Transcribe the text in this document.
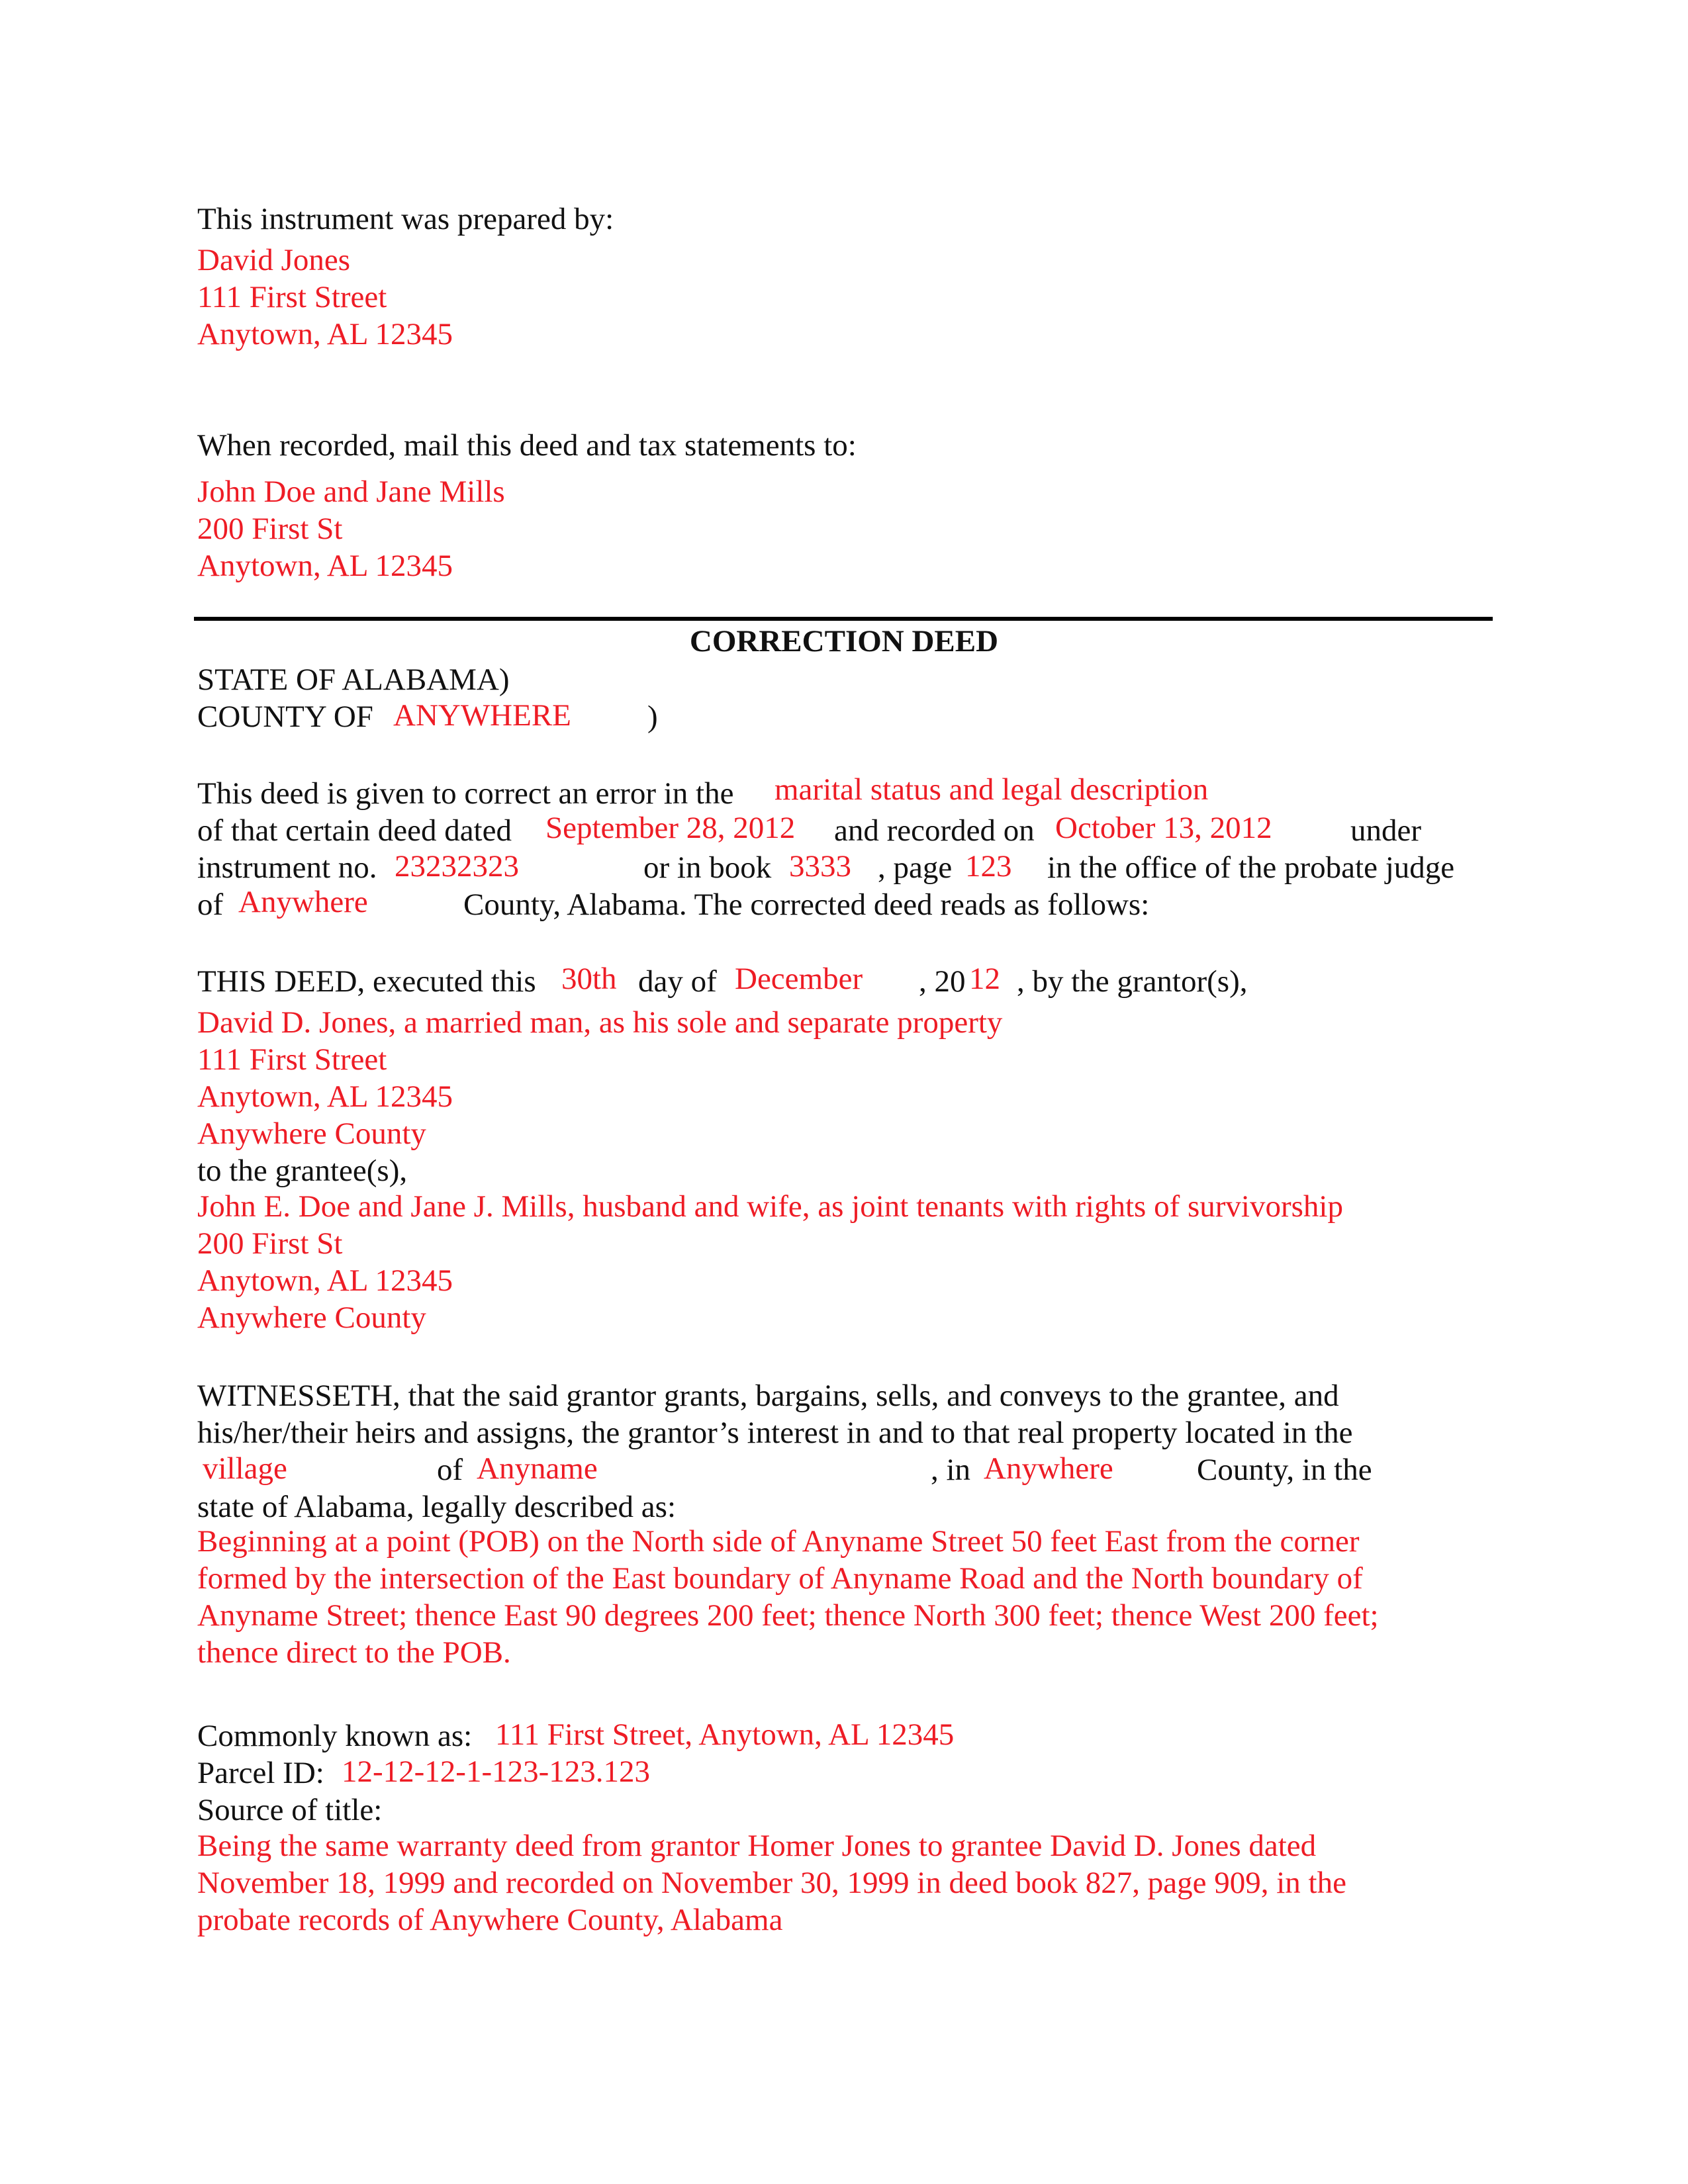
This instrument was prepared by:

David Jones

111 First Street

Anytown, AL 12345

When recorded, mail this deed and tax statements to:

John Doe and Jane Mills

200 First St

Anytown, AL 12345

CORRECTION DEED

STATE OF ALABAMA)

COUNTY OF ANYWHERE )

This deed is given to correct an error in the marital status and legal description

of that certain deed dated September 28, 2012 and recorded on October 13, 2012	under

instrument no. 23232323	or in book 3333 , page 123 in the office of the probate judge

of Anywhere	County, Alabama. The corrected deed reads as follows:

THIS DEED, executed this 30th day of December , 20 12 , by the grantor(s),

David D. Jones, a married man, as his sole and separate property

111 First Street

Anytown, AL 12345

Anywhere County

to the grantee(s),

John E. Doe and Jane J. Mills, husband and wife, as joint tenants with rights of survivorship

200 First St

Anytown, AL 12345

Anywhere County

WITNESSETH, that the said grantor grants, bargains, sells, and conveys to the grantee, and

his/her/their heirs and assigns, the grantor’s interest in and to that real property located in the

village	of Anyname	, in Anywhere	County, in the

state of Alabama, legally described as:

Beginning at a point (POB) on the North side of Anyname Street 50 feet East from the corner

formed by the intersection of the East boundary of Anyname Road and the North boundary of

Anyname Street; thence East 90 degrees 200 feet; thence North 300 feet; thence West 200 feet;

thence direct to the POB.

Commonly known as: 111 First Street, Anytown, AL 12345

Parcel ID: 12-12-12-1-123-123.123

Source of title:

Being the same warranty deed from grantor Homer Jones to grantee David D. Jones dated

November 18, 1999 and recorded on November 30, 1999 in deed book 827, page 909, in the

probate records of Anywhere County, Alabama
